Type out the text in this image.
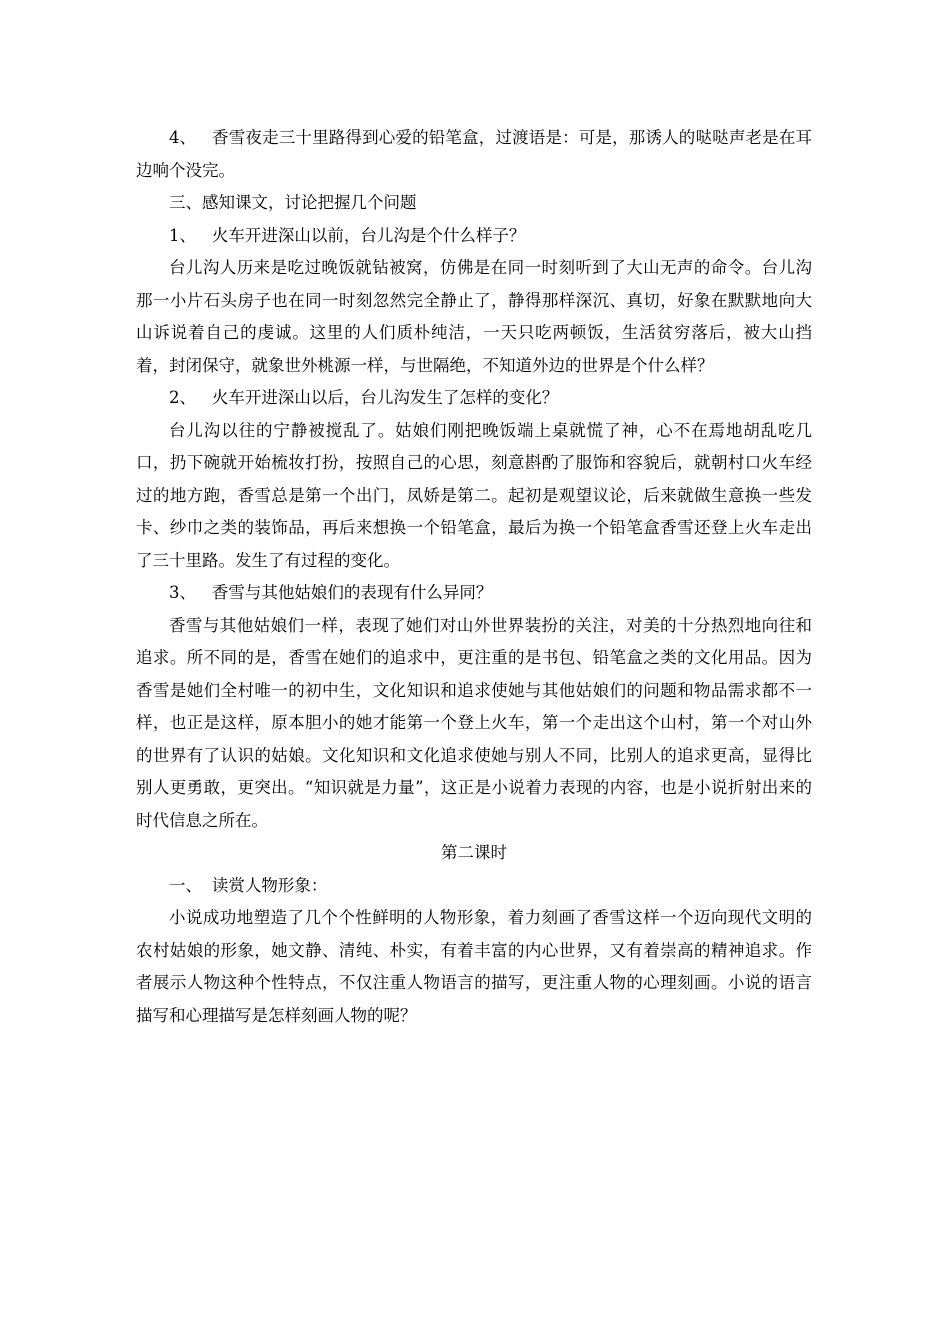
4、 香雪夜走三十里路得到心爱的铅笔盒，过渡语是：可是，那诱人的哒哒声老是在耳边响个没完。

三、感知课文，讨论把握几个问题

1、 火车开进深山以前，台儿沟是个什么样子？

台儿沟人历来是吃过晚饭就钻被窝，仿佛是在同一时刻听到了大山无声的命令。台儿沟那一小片石头房子也在同一时刻忽然完全静止了，静得那样深沉、真切，好象在默默地向大山诉说着自己的虔诚。这里的人们质朴纯洁，一天只吃两顿饭，生活贫穷落后，被大山挡着，封闭保守，就象世外桃源一样，与世隔绝，不知道外边的世界是个什么样？

2、 火车开进深山以后，台儿沟发生了怎样的变化？

台儿沟以往的宁静被搅乱了。姑娘们刚把晚饭端上桌就慌了神，心不在焉地胡乱吃几口，扔下碗就开始梳妆打扮，按照自己的心思，刻意斟酌了服饰和容貌后，就朝村口火车经过的地方跑，香雪总是第一个出门，凤娇是第二。起初是观望议论，后来就做生意换一些发卡、纱巾之类的装饰品，再后来想换一个铅笔盒，最后为换一个铅笔盒香雪还登上火车走出了三十里路。发生了有过程的变化。

3、 香雪与其他姑娘们的表现有什么异同？

香雪与其他姑娘们一样，表现了她们对山外世界装扮的关注，对美的十分热烈地向往和追求。所不同的是，香雪在她们的追求中，更注重的是书包、铅笔盒之类的文化用品。因为香雪是她们全村唯一的初中生，文化知识和追求使她与其他姑娘们的问题和物品需求都不一样，也正是这样，原本胆小的她才能第一个登上火车，第一个走出这个山村，第一个对山外的世界有了认识的姑娘。文化知识和文化追求使她与别人不同，比别人的追求更高，显得比别人更勇敢，更突出。“知识就是力量”，这正是小说着力表现的内容，也是小说折射出来的时代信息之所在。

第二课时

一、 读赏人物形象：

小说成功地塑造了几个个性鲜明的人物形象，着力刻画了香雪这样一个迈向现代文明的农村姑娘的形象，她文静、清纯、朴实，有着丰富的内心世界，又有着崇高的精神追求。作者展示人物这种个性特点，不仅注重人物语言的描写，更注重人物的心理刻画。小说的语言描写和心理描写是怎样刻画人物的呢？
